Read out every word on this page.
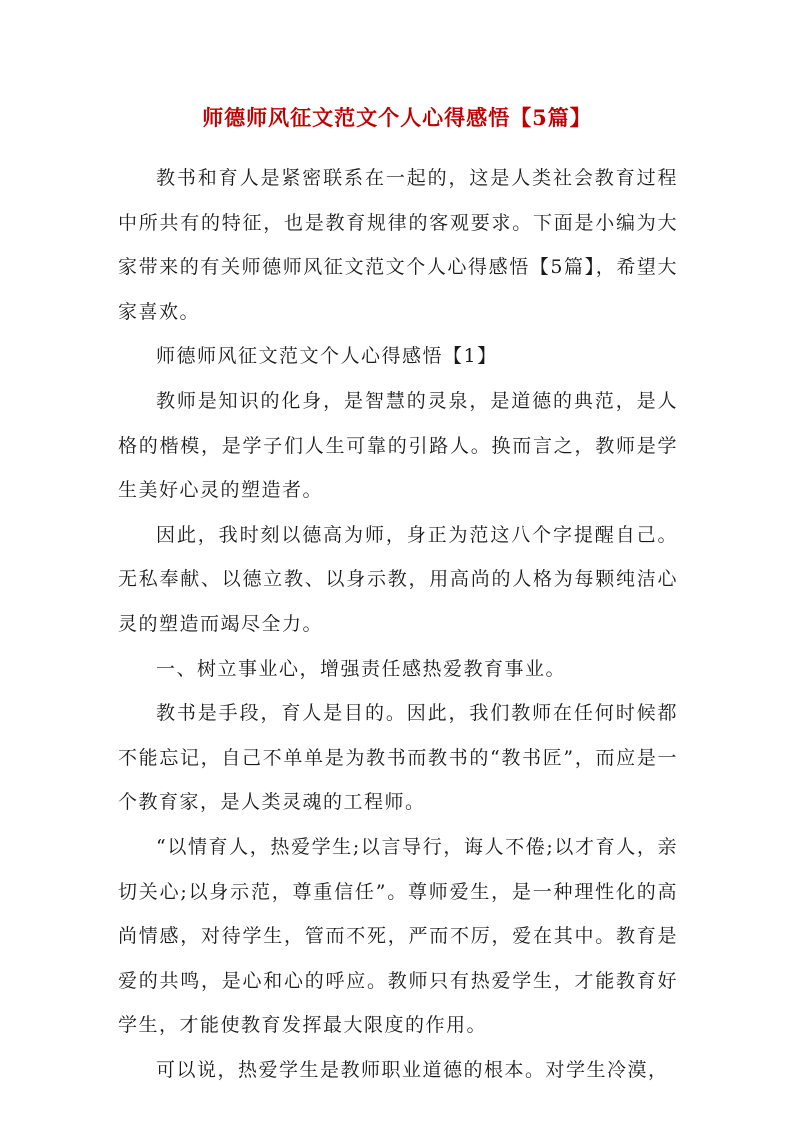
师德师风征文范文个人心得感悟【5篇】

教书和育人是紧密联系在一起的，这是人类社会教育过程中所共有的特征，也是教育规律的客观要求。下面是小编为大家带来的有关师德师风征文范文个人心得感悟【5篇】，希望大家喜欢。

师德师风征文范文个人心得感悟【1】

教师是知识的化身，是智慧的灵泉，是道德的典范，是人格的楷模，是学子们人生可靠的引路人。换而言之，教师是学生美好心灵的塑造者。

因此，我时刻以德高为师，身正为范这八个字提醒自己。无私奉献、以德立教、以身示教，用高尚的人格为每颗纯洁心灵的塑造而竭尽全力。

一、树立事业心，增强责任感热爱教育事业。

教书是手段，育人是目的。因此，我们教师在任何时候都不能忘记，自己不单单是为教书而教书的“教书匠”，而应是一个教育家，是人类灵魂的工程师。

“以情育人，热爱学生;以言导行，诲人不倦;以才育人，亲切关心;以身示范，尊重信任”。尊师爱生，是一种理性化的高尚情感，对待学生，管而不死，严而不厉，爱在其中。教育是爱的共鸣，是心和心的呼应。教师只有热爱学生，才能教育好学生，才能使教育发挥最大限度的作用。

可以说，热爱学生是教师职业道德的根本。对学生冷漠，
